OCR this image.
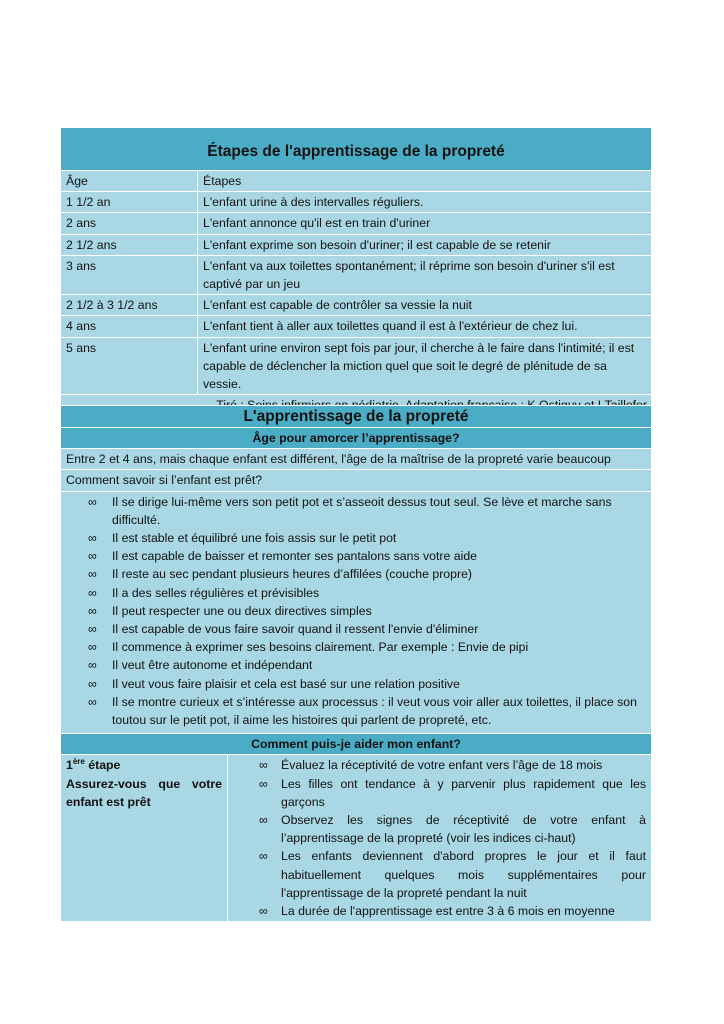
Étapes de l'apprentissage de la propreté	
Âge	Étapes
1 1/2 an	L'enfant urine à des intervalles réguliers.
2 ans	L'enfant annonce qu'il est en train d'uriner
2 1/2 ans	L'enfant exprime son besoin d'uriner; il est capable de se retenir
3 ans	L'enfant va aux toilettes spontanément; il réprime son besoin d'uriner s'il est captivé par un jeu
2 1/2 à 3 1/2 ans	L'enfant est capable de contrôler sa vessie la nuit
4 ans	L'enfant tient à aller aux toilettes quand il est à l'extérieur de chez lui.
5 ans	L'enfant urine environ sept fois par jour, il cherche à le faire dans l'intimité; il est capable de déclencher la miction quel que soit le degré de plénitude de sa vessie.

L'apprentissage de la propreté
Âge pour amorcer l’apprentissage?
Entre 2 et 4 ans, mais chaque enfant est différent, l'âge de la maîtrise de la propreté varie beaucoup
Comment savoir si l’enfant est prêt?

∞ Il se dirige lui-même vers son petit pot et s’asseoit dessus tout seul. Se lève et marche sans difficulté.
∞ Il est stable et équilibré une fois assis sur le petit pot
∞ Il est capable de baisser et remonter ses pantalons sans votre aide
∞ Il reste au sec pendant plusieurs heures d’affilées (couche propre)
∞ Il a des selles régulières et prévisibles
∞ Il peut respecter une ou deux directives simples
∞ Il est capable de vous faire savoir quand il ressent l'envie d'éliminer
∞ Il commence à exprimer ses besoins clairement. Par exemple : Envie de pipi
∞ Il veut être autonome et indépendant
∞ Il veut vous faire plaisir et cela est basé sur une relation positive
∞ Il se montre curieux et s’intéresse aux processus : il veut vous voir aller aux toilettes, il place son toutou sur le petit pot, il aime les histoires qui parlent de propreté, etc.

Comment puis-je aider mon enfant?

1ère étape
Assurez-vous que votre enfant est prêt

∞ Évaluez la réceptivité de votre enfant vers l’âge de 18 mois
∞ Les filles ont tendance à y parvenir plus rapidement que les garçons
∞ Observez les signes de réceptivité de votre enfant à l’apprentissage de la propreté (voir les indices ci-haut)
∞ Les enfants deviennent d'abord propres le jour et il faut habituellement quelques mois supplémentaires pour l'apprentissage de la propreté pendant la nuit
∞ La durée de l'apprentissage est entre 3 à 6 mois en moyenne
